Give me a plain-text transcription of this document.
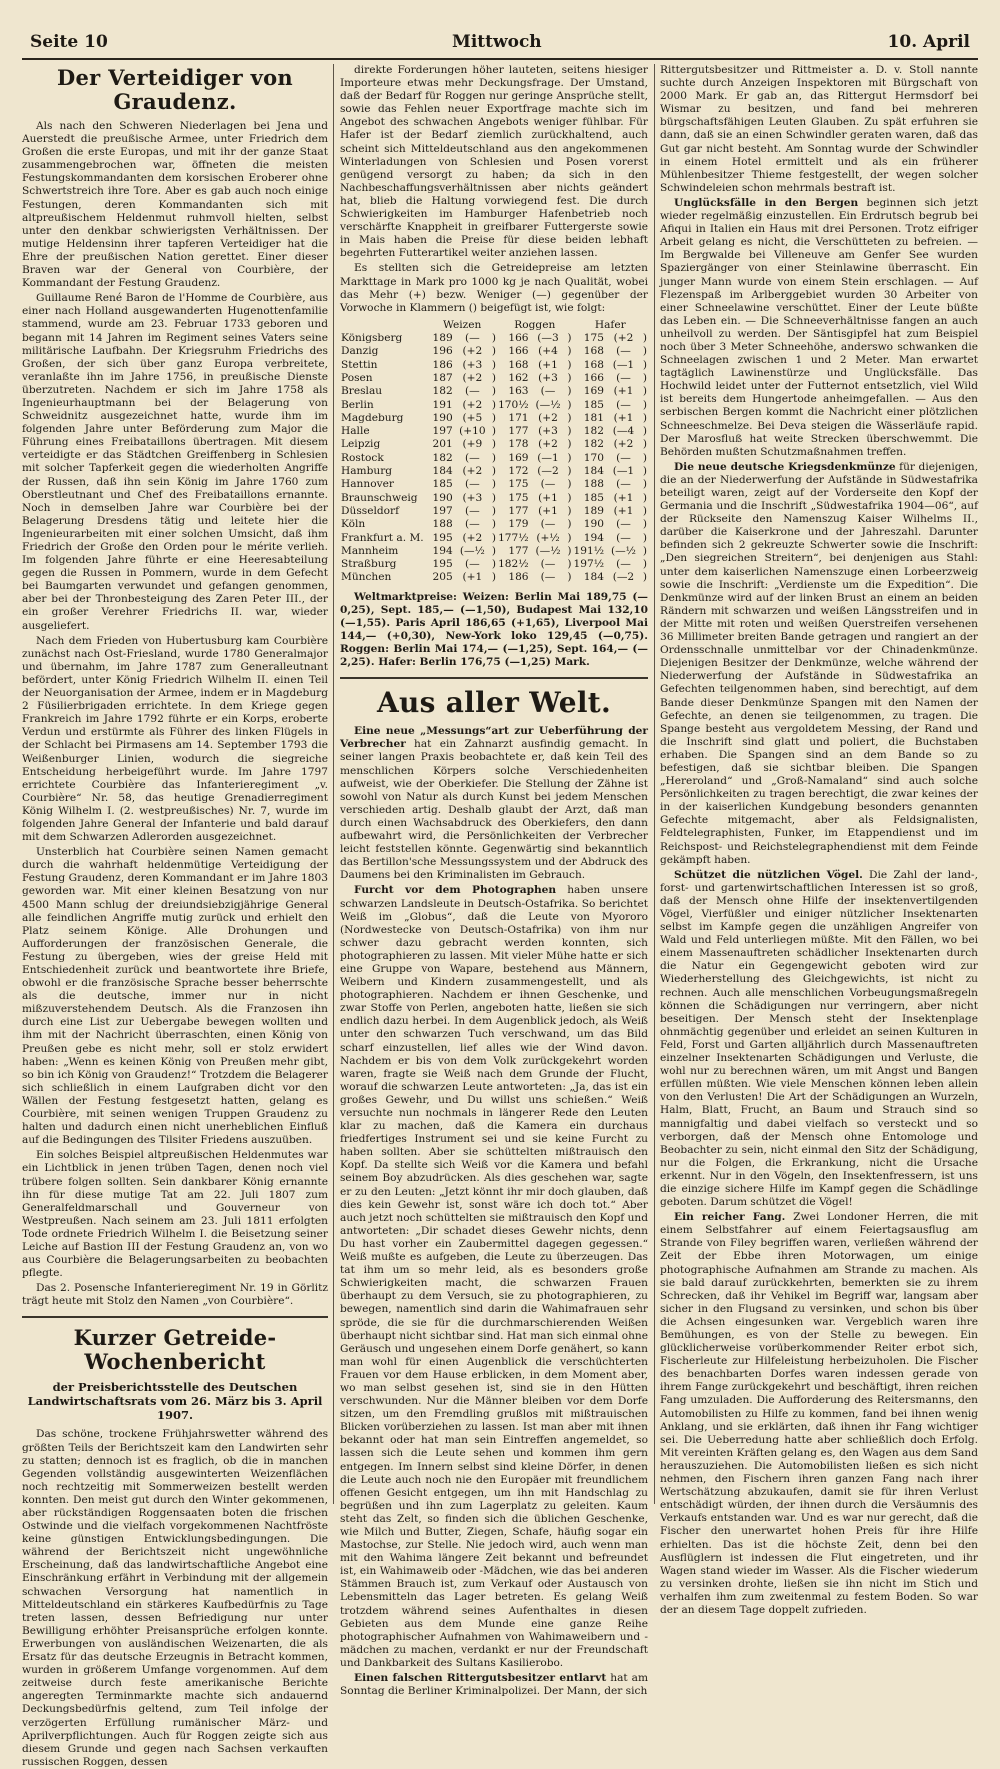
Seite 10	Mittwoch	10. April
Der Verteidiger von Graudenz.

Als nach den Schweren Niederlagen bei Jena und Auerstedt die preußische Armee, unter Friedrich dem Großen die erste Europas, und mit ihr der ganze Staat zusammengebrochen war, öffneten die meisten Festungskommandanten dem korsischen Eroberer ohne Schwertstreich ihre Tore. Aber es gab auch noch einige Festungen, deren Kommandanten sich mit altpreußischem Heldenmut ruhmvoll hielten, selbst unter den denkbar schwierigsten Verhältnissen. Der mutige Heldensinn ihrer tapferen Verteidiger hat die Ehre der preußischen Nation gerettet. Einer dieser Braven war der General von Courbière, der Kommandant der Festung Graudenz.

Guillaume René Baron de l'Homme de Courbière, aus einer nach Holland ausgewanderten Hugenottenfamilie stammend, wurde am 23. Februar 1733 geboren und begann mit 14 Jahren im Regiment seines Vaters seine militärische Laufbahn. Der Kriegsruhm Friedrichs des Großen, der sich über ganz Europa verbreitete, veranlaßte ihn im Jahre 1756, in preußische Dienste überzutreten. Nachdem er sich im Jahre 1758 als Ingenieurhauptmann bei der Belagerung von Schweidnitz ausgezeichnet hatte, wurde ihm im folgenden Jahre unter Beförderung zum Major die Führung eines Freibataillons übertragen. Mit diesem verteidigte er das Städtchen Greiffenberg in Schlesien mit solcher Tapferkeit gegen die wiederholten Angriffe der Russen, daß ihn sein König im Jahre 1760 zum Oberstleutnant und Chef des Freibataillons ernannte. Noch in demselben Jahre war Courbière bei der Belagerung Dresdens tätig und leitete hier die Ingenieurarbeiten mit einer solchen Umsicht, daß ihm Friedrich der Große den Orden pour le mérite verlieh. Im folgenden Jahre führte er eine Heeresabteilung gegen die Russen in Pommern, wurde in dem Gefecht bei Baumgarten verwundet und gefangen genommen, aber bei der Thronbesteigung des Zaren Peter III., der ein großer Verehrer Friedrichs II. war, wieder ausgeliefert.

Nach dem Frieden von Hubertusburg kam Courbière zunächst nach Ost-Friesland, wurde 1780 Generalmajor und übernahm, im Jahre 1787 zum Generalleutnant befördert, unter König Friedrich Wilhelm II. einen Teil der Neuorganisation der Armee, indem er in Magdeburg 2 Füsilierbrigaden errichtete. In dem Kriege gegen Frankreich im Jahre 1792 führte er ein Korps, eroberte Verdun und erstürmte als Führer des linken Flügels in der Schlacht bei Pirmasens am 14. September 1793 die Weißenburger Linien, wodurch die siegreiche Entscheidung herbeigeführt wurde. Im Jahre 1797 errichtete Courbière das Infanterieregiment „v. Courbière“ Nr. 58, das heutige Grenadierregiment König Wilhelm I. (2. westpreußisches) Nr. 7, wurde im folgenden Jahre General der Infanterie und bald darauf mit dem Schwarzen Adlerorden ausgezeichnet.

Unsterblich hat Courbière seinen Namen gemacht durch die wahrhaft heldenmütige Verteidigung der Festung Graudenz, deren Kommandant er im Jahre 1803 geworden war. Mit einer kleinen Besatzung von nur 4500 Mann schlug der dreiundsiebzigjährige General alle feindlichen Angriffe mutig zurück und erhielt den Platz seinem Könige. Alle Drohungen und Aufforderungen der französischen Generale, die Festung zu übergeben, wies der greise Held mit Entschiedenheit zurück und beantwortete ihre Briefe, obwohl er die französische Sprache besser beherrschte als die deutsche, immer nur in nicht mißzuverstehendem Deutsch. Als die Franzosen ihn durch eine List zur Uebergabe bewegen wollten und ihm mit der Nachricht überraschten, einen König von Preußen gebe es nicht mehr, soll er stolz erwidert haben: „Wenn es keinen König von Preußen mehr gibt, so bin ich König von Graudenz!“ Trotzdem die Belagerer sich schließlich in einem Laufgraben dicht vor den Wällen der Festung festgesetzt hatten, gelang es Courbière, mit seinen wenigen Truppen Graudenz zu halten und dadurch einen nicht unerheblichen Einfluß auf die Bedingungen des Tilsiter Friedens auszuüben.

Ein solches Beispiel altpreußischen Heldenmutes war ein Lichtblick in jenen trüben Tagen, denen noch viel trübere folgen sollten. Sein dankbarer König ernannte ihn für diese mutige Tat am 22. Juli 1807 zum Generalfeldmarschall und Gouverneur von Westpreußen. Nach seinem am 23. Juli 1811 erfolgten Tode ordnete Friedrich Wilhelm I. die Beisetzung seiner Leiche auf Bastion III der Festung Graudenz an, von wo aus Courbière die Belagerungsarbeiten zu beobachten pflegte.

Das 2. Posensche Infanterieregiment Nr. 19 in Görlitz trägt heute mit Stolz den Namen „von Courbière“.

Kurzer Getreide-Wochenbericht
der Preisberichtsstelle des Deutschen Landwirtschaftsrats vom 26. März bis 3. April 1907.

Das schöne, trockene Frühjahrswetter während des größten Teils der Berichtszeit kam den Landwirten sehr zu statten; dennoch ist es fraglich, ob die in manchen Gegenden vollständig ausgewinterten Weizenflächen noch rechtzeitig mit Sommerweizen bestellt werden konnten. Den meist gut durch den Winter gekommenen, aber rückständigen Roggensaaten boten die frischen Ostwinde und die vielfach vorgekommenen Nachtfröste keine günstigen Entwicklungsbedingungen. Die während der Berichtszeit nicht ungewöhnliche Erscheinung, daß das landwirtschaftliche Angebot eine Einschränkung erfährt in Verbindung mit der allgemein schwachen Versorgung hat namentlich in Mitteldeutschland ein stärkeres Kaufbedürfnis zu Tage treten lassen, dessen Befriedigung nur unter Bewilligung erhöhter Preisansprüche erfolgen konnte. Erwerbungen von ausländischen Weizenarten, die als Ersatz für das deutsche Erzeugnis in Betracht kommen, wurden in größerem Umfange vorgenommen. Auf dem zeitweise durch feste amerikanische Berichte angeregten Terminmarkte machte sich andauernd Deckungsbedürfnis geltend, zum Teil infolge der verzögerten Erfüllung rumänischer März- und Aprilverpflichtungen. Auch für Roggen zeigte sich aus diesem Grunde und gegen nach Sachsen verkauften russischen Roggen, dessen

direkte Forderungen höher lauteten, seitens hiesiger Importeure etwas mehr Deckungsfrage. Der Umstand, daß der Bedarf für Roggen nur geringe Ansprüche stellt, sowie das Fehlen neuer Exportfrage machte sich im Angebot des schwachen Angebots weniger fühlbar. Für Hafer ist der Bedarf ziemlich zurückhaltend, auch scheint sich Mitteldeutschland aus den angekommenen Winterladungen von Schlesien und Posen vorerst genügend versorgt zu haben; da sich in den Nachbeschaffungsverhältnissen aber nichts geändert hat, blieb die Haltung vorwiegend fest. Die durch Schwierigkeiten im Hamburger Hafenbetrieb noch verschärfte Knappheit in greifbarer Futtergerste sowie in Mais haben die Preise für diese beiden lebhaft begehrten Futterartikel weiter anziehen lassen.

Es stellten sich die Getreidepreise am letzten Markttage in Mark pro 1000 kg je nach Qualität, wobei das Mehr (+) bezw. Weniger (—) gegenüber der Vorwoche in Klammern () beigefügt ist, wie folgt:

	Weizen			Roggen			Hafer		
Königsberg	189	(—	)	166	(—3	)	175	(+2	)
Danzig	196	(+2	)	166	(+4	)	168	(—	)
Stettin	186	(+3	)	168	(+1	)	168	(—1	)
Posen	187	(+2	)	162	(+3	)	166	(—	)
Breslau	182	(—	)	163	(—	)	169	(+1	)
Berlin	191	(+2	)	170½	(—½	)	185	(—	)
Magdeburg	190	(+5	)	171	(+2	)	181	(+1	)
Halle	197	(+10	)	177	(+3	)	182	(—4	)
Leipzig	201	(+9	)	178	(+2	)	182	(+2	)
Rostock	182	(—	)	169	(—1	)	170	(—	)
Hamburg	184	(+2	)	172	(—2	)	184	(—1	)
Hannover	185	(—	)	175	(—	)	188	(—	)
Braunschweig	190	(+3	)	175	(+1	)	185	(+1	)
Düsseldorf	197	(—	)	177	(+1	)	189	(+1	)
Köln	188	(—	)	179	(—	)	190	(—	)
Frankfurt a. M.	195	(+2	)	177½	(+½	)	194	(—	)
Mannheim	194	(—½	)	177	(—½	)	191½	(—½	)
Straßburg	195	(—	)	182½	(—	)	197½	(—	)
München	205	(+1	)	186	(—	)	184	(—2	)

Weltmarktpreise: Weizen: Berlin Mai 189,75 (—0,25), Sept. 185,— (—1,50), Budapest Mai 132,10 (—1,55). Paris April 186,65 (+1,65), Liverpool Mai 144,— (+0,30), New-York loko 129,45 (—0,75). Roggen: Berlin Mai 174,— (—1,25), Sept. 164,— (—2,25). Hafer: Berlin 176,75 (—1,25) Mark.

Aus aller Welt.

Eine neue „Messungs“art zur Ueberführung der Verbrecher hat ein Zahnarzt ausfindig gemacht. In seiner langen Praxis beobachtete er, daß kein Teil des menschlichen Körpers solche Verschiedenheiten aufweist, wie der Oberkiefer. Die Stellung der Zähne ist sowohl von Natur als durch Kunst bei jedem Menschen verschieden artig. Deshalb glaubt der Arzt, daß man durch einen Wachsabdruck des Oberkiefers, den dann aufbewahrt wird, die Persönlichkeiten der Verbrecher leicht feststellen könnte. Gegenwärtig sind bekanntlich das Bertillon'sche Messungssystem und der Abdruck des Daumens bei den Kriminalisten im Gebrauch.

Furcht vor dem Photographen haben unsere schwarzen Landsleute in Deutsch-Ostafrika. So berichtet Weiß im „Globus“, daß die Leute von Myororo (Nordwestecke von Deutsch-Ostafrika) von ihm nur schwer dazu gebracht werden konnten, sich photographieren zu lassen. Mit vieler Mühe hatte er sich eine Gruppe von Wapare, bestehend aus Männern, Weibern und Kindern zusammengestellt, und als photographieren. Nachdem er ihnen Geschenke, und zwar Stoffe von Perlen, angeboten hatte, ließen sie sich endlich dazu herbei. In dem Augenblick jedoch, als Weiß unter den schwarzen Tuch verschwand, um das Bild scharf einzustellen, lief alles wie der Wind davon. Nachdem er bis von dem Volk zurückgekehrt worden waren, fragte sie Weiß nach dem Grunde der Flucht, worauf die schwarzen Leute antworteten: „Ja, das ist ein großes Gewehr, und Du willst uns schießen.“ Weiß versuchte nun nochmals in längerer Rede den Leuten klar zu machen, daß die Kamera ein durchaus friedfertiges Instrument sei und sie keine Furcht zu haben sollten. Aber sie schüttelten mißtrauisch den Kopf. Da stellte sich Weiß vor die Kamera und befahl seinem Boy abzudrücken. Als dies geschehen war, sagte er zu den Leuten: „Jetzt könnt ihr mir doch glauben, daß dies kein Gewehr ist, sonst wäre ich doch tot.“ Aber auch jetzt noch schüttelten sie mißtrauisch den Kopf und antworteten: „Dir schadet dieses Gewehr nichts, denn Du hast vorher ein Zaubermittel dagegen gegessen.“ Weiß mußte es aufgeben, die Leute zu überzeugen. Das tat ihm um so mehr leid, als es besonders große Schwierigkeiten macht, die schwarzen Frauen überhaupt zu dem Versuch, sie zu photographieren, zu bewegen, namentlich sind darin die Wahimafrauen sehr spröde, die sie für die durchmarschierenden Weißen überhaupt nicht sichtbar sind. Hat man sich einmal ohne Geräusch und ungesehen einem Dorfe genähert, so kann man wohl für einen Augenblick die verschüchterten Frauen vor dem Hause erblicken, in dem Moment aber, wo man selbst gesehen ist, sind sie in den Hütten verschwunden. Nur die Männer bleiben vor dem Dorfe sitzen, um den Fremdling grußlos mit mißtrauischen Blicken vorüberziehen zu lassen. Ist man aber mit ihnen bekannt oder hat man sein Eintreffen angemeldet, so lassen sich die Leute sehen und kommen ihm gern entgegen. Im Innern selbst sind kleine Dörfer, in denen die Leute auch noch nie den Europäer mit freundlichem offenen Gesicht entgegen, um ihn mit Handschlag zu begrüßen und ihn zum Lagerplatz zu geleiten. Kaum steht das Zelt, so finden sich die üblichen Geschenke, wie Milch und Butter, Ziegen, Schafe, häufig sogar ein Mastochse, zur Stelle. Nie jedoch wird, auch wenn man mit den Wahima längere Zeit bekannt und befreundet ist, ein Wahimaweib oder -Mädchen, wie das bei anderen Stämmen Brauch ist, zum Verkauf oder Austausch von Lebensmitteln das Lager betreten. Es gelang Weiß trotzdem während seines Aufenthaltes in diesen Gebieten aus dem Munde eine ganze Reihe photographischer Aufnahmen von Wahimaweibern und -mädchen zu machen, verdankt er nur der Freundschaft und Dankbarkeit des Sultans Kasilierobo.

Einen falschen Rittergutsbesitzer entlarvt hat am Sonntag die Berliner Kriminalpolizei. Der Mann, der sich

Rittergutsbesitzer und Rittmeister a. D. v. Stoll nannte suchte durch Anzeigen Inspektoren mit Bürgschaft von 2000 Mark. Er gab an, das Rittergut Hermsdorf bei Wismar zu besitzen, und fand bei mehreren bürgschaftsfähigen Leuten Glauben. Zu spät erfuhren sie dann, daß sie an einen Schwindler geraten waren, daß das Gut gar nicht besteht. Am Sonntag wurde der Schwindler in einem Hotel ermittelt und als ein früherer Mühlenbesitzer Thieme festgestellt, der wegen solcher Schwindeleien schon mehrmals bestraft ist.

Unglücksfälle in den Bergen beginnen sich jetzt wieder regelmäßig einzustellen. Ein Erdrutsch begrub bei Afiqui in Italien ein Haus mit drei Personen. Trotz eifriger Arbeit gelang es nicht, die Verschütteten zu befreien. — Im Bergwalde bei Villeneuve am Genfer See wurden Spaziergänger von einer Steinlawine überrascht. Ein junger Mann wurde von einem Stein erschlagen. — Auf Flezenspaß im Arlberggebiet wurden 30 Arbeiter von einer Schneelawine verschüttet. Einer der Leute büßte das Leben ein. — Die Schneeverhältnisse fangen an auch unheilvoll zu werden. Der Säntisgipfel hat zum Beispiel noch über 3 Meter Schneehöhe, anderswo schwanken die Schneelagen zwischen 1 und 2 Meter. Man erwartet tagtäglich Lawinenstürze und Unglücksfälle. Das Hochwild leidet unter der Futternot entsetzlich, viel Wild ist bereits dem Hungertode anheimgefallen. — Aus den serbischen Bergen kommt die Nachricht einer plötzlichen Schneeschmelze. Bei Deva steigen die Wässerläufe rapid. Der Marosfluß hat weite Strecken überschwemmt. Die Behörden mußten Schutzmaßnahmen treffen.

Die neue deutsche Kriegsdenkmünze für diejenigen, die an der Niederwerfung der Aufstände in Südwestafrika beteiligt waren, zeigt auf der Vorderseite den Kopf der Germania und die Inschrift „Südwestafrika 1904—06“, auf der Rückseite den Namenszug Kaiser Wilhelms II., darüber die Kaiserkrone und der Jahreszahl. Darunter befinden sich 2 gekreuzte Schwerter sowie die Inschrift: „Den siegreichen Streitern“, bei denjenigen aus Stahl: unter dem kaiserlichen Namenszuge einen Lorbeerzweig sowie die Inschrift: „Verdienste um die Expedition“. Die Denkmünze wird auf der linken Brust an einem an beiden Rändern mit schwarzen und weißen Längsstreifen und in der Mitte mit roten und weißen Querstreifen versehenen 36 Millimeter breiten Bande getragen und rangiert an der Ordensschnalle unmittelbar vor der Chinadenkmünze. Diejenigen Besitzer der Denkmünze, welche während der Niederwerfung der Aufstände in Südwestafrika an Gefechten teilgenommen haben, sind berechtigt, auf dem Bande dieser Denkmünze Spangen mit den Namen der Gefechte, an denen sie teilgenommen, zu tragen. Die Spange besteht aus vergoldetem Messing, der Rand und die Inschrift sind glatt und poliert, die Buchstaben erhaben. Die Spangen sind an dem Bande so zu befestigen, daß sie sichtbar bleiben. Die Spangen „Hereroland“ und „Groß-Namaland“ sind auch solche Persönlichkeiten zu tragen berechtigt, die zwar keines der in der kaiserlichen Kundgebung besonders genannten Gefechte mitgemacht, aber als Feldsignalisten, Feldtelegraphisten, Funker, im Etappendienst und im Reichspost- und Reichstelegraphendienst mit dem Feinde gekämpft haben.

Schützet die nützlichen Vögel. Die Zahl der land-, forst- und gartenwirtschaftlichen Interessen ist so groß, daß der Mensch ohne Hilfe der insektenvertilgenden Vögel, Vierfüßler und einiger nützlicher Insektenarten selbst im Kampfe gegen die unzähligen Angreifer von Wald und Feld unterliegen müßte. Mit den Fällen, wo bei einem Massenauftreten schädlicher Insektenarten durch die Natur ein Gegengewicht geboten wird zur Wiederherstellung des Gleichgewichts, ist nicht zu rechnen. Auch alle menschlichen Vorbeugungsmaßregeln können die Schädigungen nur verringern, aber nicht beseitigen. Der Mensch steht der Insektenplage ohnmächtig gegenüber und erleidet an seinen Kulturen in Feld, Forst und Garten alljährlich durch Massenauftreten einzelner Insektenarten Schädigungen und Verluste, die wohl nur zu berechnen wären, um mit Angst und Bangen erfüllen müßten. Wie viele Menschen können leben allein von den Verlusten! Die Art der Schädigungen an Wurzeln, Halm, Blatt, Frucht, an Baum und Strauch sind so mannigfaltig und dabei vielfach so versteckt und so verborgen, daß der Mensch ohne Entomologe und Beobachter zu sein, nicht einmal den Sitz der Schädigung, nur die Folgen, die Erkrankung, nicht die Ursache erkennt. Nur in den Vögeln, den Insektenfressern, ist uns die einzige sichere Hilfe im Kampf gegen die Schädlinge geboten. Darum schützet die Vögel!

Ein reicher Fang. Zwei Londoner Herren, die mit einem Selbstfahrer auf einem Feiertagsausflug am Strande von Filey begriffen waren, verließen während der Zeit der Ebbe ihren Motorwagen, um einige photographische Aufnahmen am Strande zu machen. Als sie bald darauf zurückkehrten, bemerkten sie zu ihrem Schrecken, daß ihr Vehikel im Begriff war, langsam aber sicher in den Flugsand zu versinken, und schon bis über die Achsen eingesunken war. Vergeblich waren ihre Bemühungen, es von der Stelle zu bewegen. Ein glücklicherweise vorüberkommender Reiter erbot sich, Fischerleute zur Hilfeleistung herbeizuholen. Die Fischer des benachbarten Dorfes waren indessen gerade von ihrem Fange zurückgekehrt und beschäftigt, ihren reichen Fang umzuladen. Die Aufforderung des Reitersmanns, den Automobilisten zu Hilfe zu kommen, fand bei ihnen wenig Anklang, und sie erklärten, daß ihnen ihr Fang wichtiger sei. Die Ueberredung hatte aber schließlich doch Erfolg. Mit vereinten Kräften gelang es, den Wagen aus dem Sand herauszuziehen. Die Automobilisten ließen es sich nicht nehmen, den Fischern ihren ganzen Fang nach ihrer Wertschätzung abzukaufen, damit sie für ihren Verlust entschädigt würden, der ihnen durch die Versäumnis des Verkaufs entstanden war. Und es war nur gerecht, daß die Fischer den unerwartet hohen Preis für ihre Hilfe erhielten. Das ist die höchste Zeit, denn bei den Ausflüglern ist indessen die Flut eingetreten, und ihr Wagen stand wieder im Wasser. Als die Fischer wiederum zu versinken drohte, ließen sie ihn nicht im Stich und verhalfen ihm zum zweitenmal zu festem Boden. So war der an diesem Tage doppelt zufrieden.
